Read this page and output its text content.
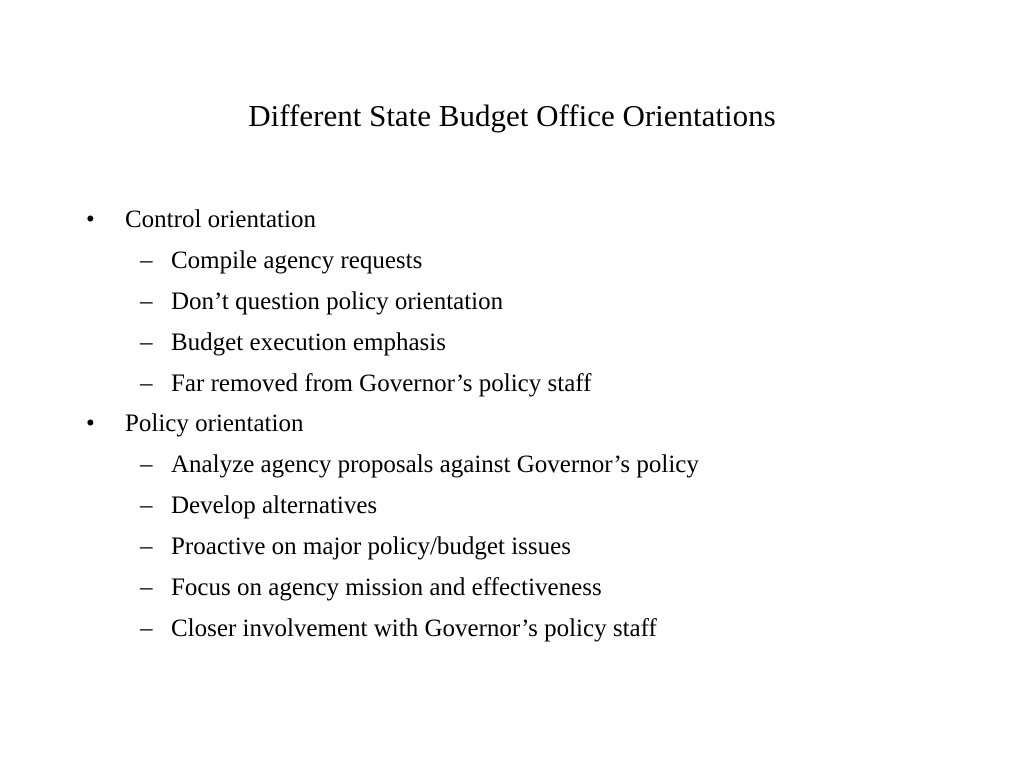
Different State Budget Office Orientations
• Control orientation
– Compile agency requests
– Don’t question policy orientation
– Budget execution emphasis
– Far removed from Governor’s policy staff
• Policy orientation
– Analyze agency proposals against Governor’s policy
– Develop alternatives
– Proactive on major policy/budget issues
– Focus on agency mission and effectiveness
– Closer involvement with Governor’s policy staff
